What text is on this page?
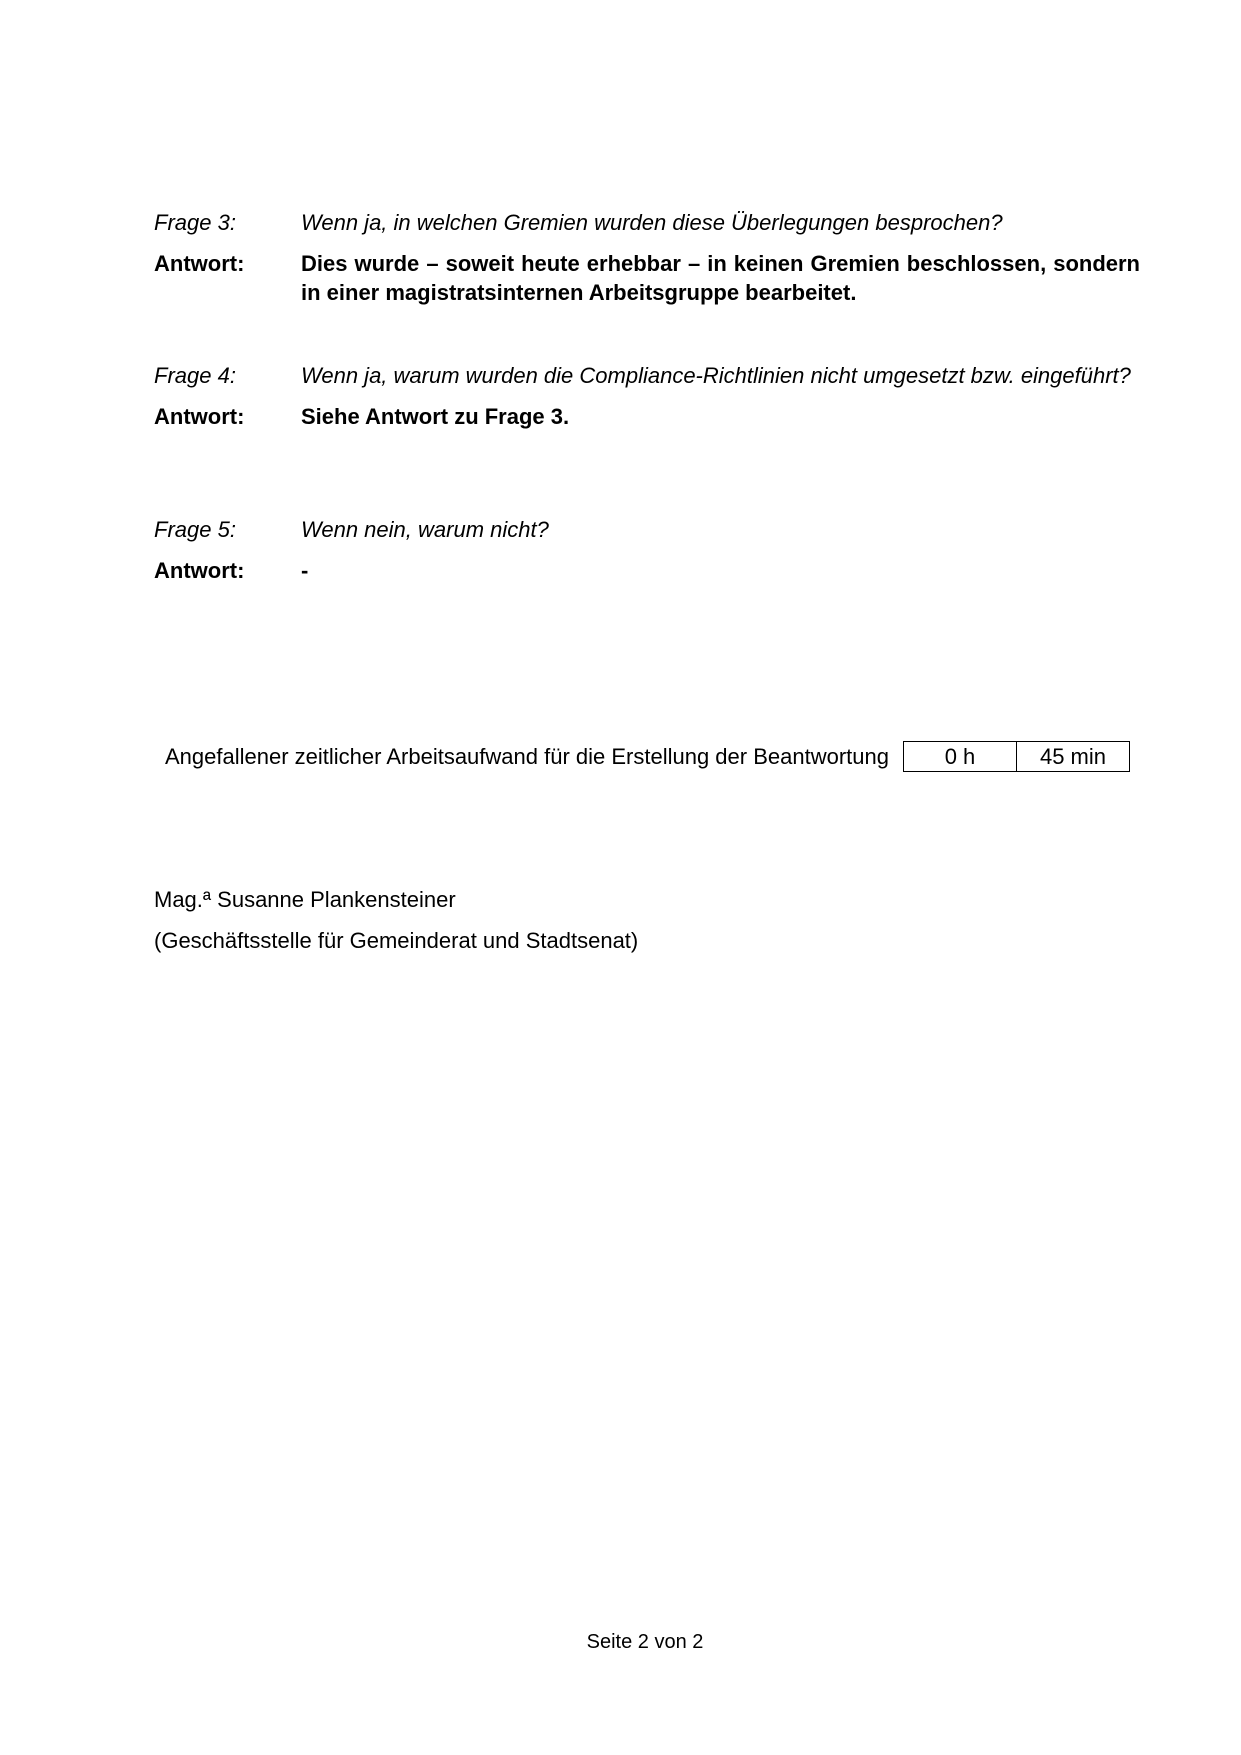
Frage 3:	Wenn ja, in welchen Gremien wurden diese Überlegungen besprochen?
Antwort:	Dies wurde – soweit heute erhebbar – in keinen Gremien beschlossen, sondern in einer magistratsinternen Arbeitsgruppe bearbeitet.
Frage 4:	Wenn ja, warum wurden die Compliance-Richtlinien nicht umgesetzt bzw. eingeführt?
Antwort:	Siehe Antwort zu Frage 3.
Frage 5:	Wenn nein, warum nicht?
Antwort:	-
Angefallener zeitlicher Arbeitsaufwand für die Erstellung der Beantwortung	0 h	45 min
Mag.ª Susanne Plankensteiner
(Geschäftsstelle für Gemeinderat und Stadtsenat)
Seite 2 von 2
